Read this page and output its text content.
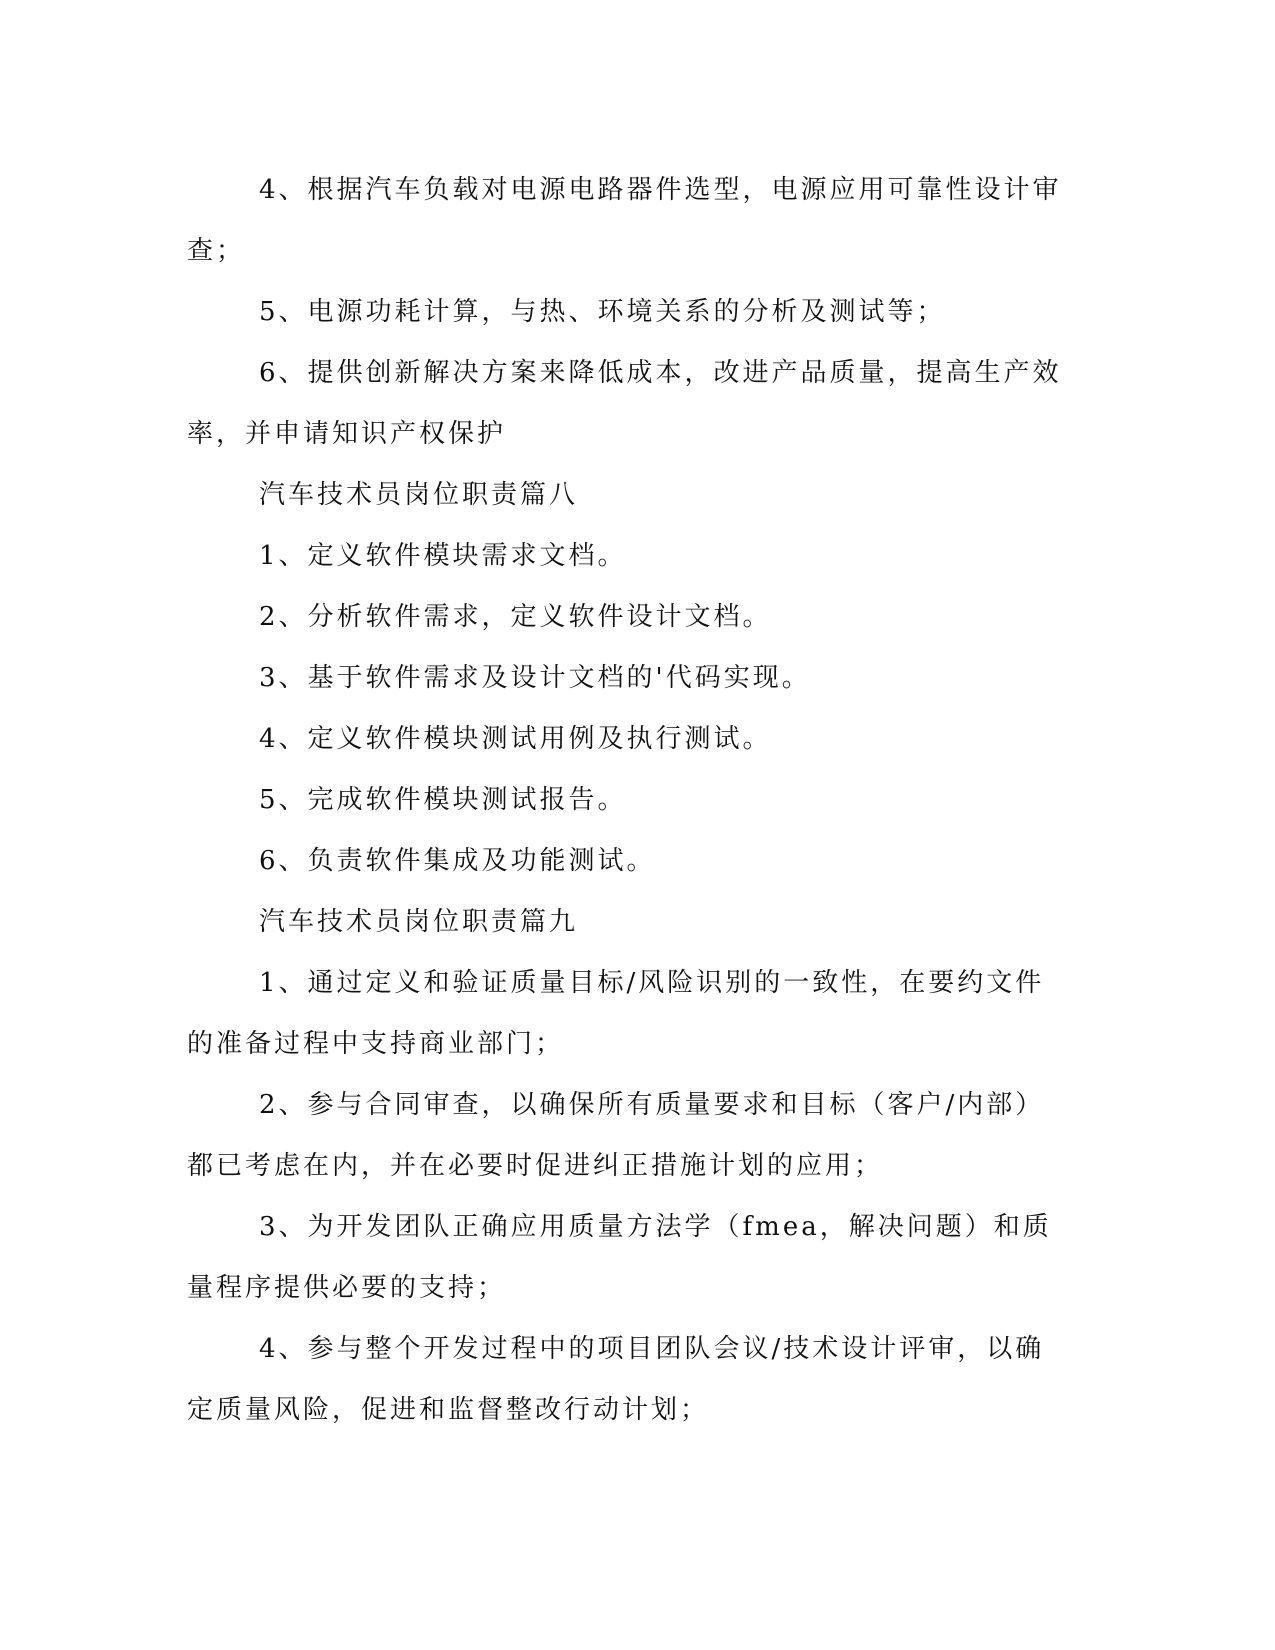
4、根据汽车负载对电源电路器件选型，电源应用可靠性设计审查；

5、电源功耗计算，与热、环境关系的分析及测试等；

6、提供创新解决方案来降低成本，改进产品质量，提高生产效率，并申请知识产权保护

汽车技术员岗位职责篇八

1、定义软件模块需求文档。

2、分析软件需求，定义软件设计文档。

3、基于软件需求及设计文档的'代码实现。

4、定义软件模块测试用例及执行测试。

5、完成软件模块测试报告。

6、负责软件集成及功能测试。

汽车技术员岗位职责篇九

1、通过定义和验证质量目标/风险识别的一致性，在要约文件的准备过程中支持商业部门；

2、参与合同审查，以确保所有质量要求和目标（客户/内部）都已考虑在内，并在必要时促进纠正措施计划的应用；

3、为开发团队正确应用质量方法学（fmea，解决问题）和质量程序提供必要的支持；

4、参与整个开发过程中的项目团队会议/技术设计评审，以确定质量风险，促进和监督整改行动计划；
